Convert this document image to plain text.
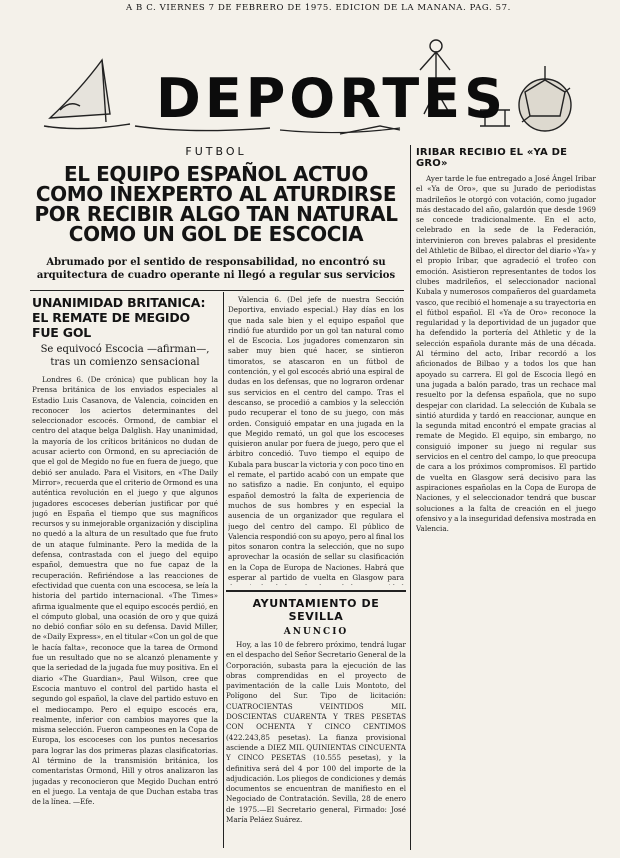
A B C. VIERNES 7 DE FEBRERO DE 1975. EDICION DE LA MAÑANA. PAG. 57.
DEPORTES
FUTBOL
EL EQUIPO ESPAÑOL ACTUO COMO INEXPERTO AL ATURDIRSE POR RECIBIR ALGO TAN NATURAL COMO UN GOL DE ESCOCIA
Abrumado por el sentido de responsabilidad, no encontró su arquitectura de cuadro operante ni llegó a regular sus servicios
UNANIMIDAD BRITANICA: EL REMATE DE MEGIDO FUE GOL
Se equivocó Escocia —afirman—, tras un comienzo sensacional
Londres 6. (De crónica) que publican hoy la Prensa británica de los enviados especiales al Estadio Luis Casanova, de Valencia, coinciden en reconocer los aciertos determinantes del seleccionador escocés. Ormond, de cambiar el centro del ataque belga Dalglish. Hay unanimidad, la mayoría de los críticos británicos no dudan de acusar acierto con Ormond, en su apreciación de que el gol de Megido no fue en fuera de juego, que debió ser anulado. Para el Visitors, en «The Daily Mirror», recuerda que el criterio de Ormond es una auténtica revolución en el juego y que algunos jugadores escoceses deberían justificar por qué jugó en España el tiempo que sus magníficos recursos y su inmejorable organización y disciplina no quedó a la altura de un resultado que fue fruto de un ataque fulminante. Pero la medida de la defensa, contrastada con el juego del equipo español, demuestra que no fue capaz de la recuperación. Refiriéndose a las reacciones de efectividad que cuenta con una escocesa, se leía la historia del partido internacional. «The Times» afirma igualmente que el equipo escocés perdió, en el cómputo global, una ocasión de oro y que quizá no debió confiar sólo en su defensa. David Miller, de «Daily Express», en el titular «Con un gol de que le hacía falta», reconoce que la tarea de Ormond fue un resultado que no se alcanzó plenamente y que la seriedad de la jugada fue muy positiva. En el diario «The Guardian», Paul Wilson, cree que Escocia mantuvo el control del partido hasta el segundo gol español, la clave del partido estuvo en el mediocampo. Pero el equipo escocés era, realmente, inferior con cambios mayores que la misma selección. Fueron campeones en la Copa de Europa, los escoceses con los puntos necesarios para lograr las dos primeras plazas clasificatorias. Al término de la transmisión británica, los comentaristas Ormond, Hill y otros analizaron las jugadas y reconocieron que Megido Duchan entró en el juego. La ventaja de que Duchan estaba tras de la línea. —Efe.
Valencia 6. (Del jefe de nuestra Sección Deportiva, enviado especial.) Hay días en los que nada sale bien y el equipo español que rindió fue aturdido por un gol tan natural como el de Escocia. Los jugadores comenzaron sin saber muy bien qué hacer, se sintieron timoratos, se atascaron en un fútbol de contención, y el gol escocés abrió una espiral de dudas en los defensas, que no lograron ordenar sus servicios en el centro del campo. Tras el descanso, se procedió a cambios y la selección pudo recuperar el tono de su juego, con más orden. Consiguió empatar en una jugada en la que Megido remató, un gol que los escoceses quisieron anular por fuera de juego, pero que el árbitro concedió. Tuvo tiempo el equipo de Kubala para buscar la victoria y con poco tino en el remate, el partido acabó con un empate que no satisfizo a nadie. En conjunto, el equipo español demostró la falta de experiencia de muchos de sus hombres y en especial la ausencia de un organizador que regulara el juego del centro del campo. El público de Valencia respondió con su apoyo, pero al final los pitos sonaron contra la selección, que no supo aprovechar la ocasión de sellar su clasificación en la Copa de Europa de Naciones. Habrá que esperar al partido de vuelta en Glasgow para
AYUNTAMIENTO DE SEVILLA
ANUNCIO
Hoy, a las 10 de febrero próximo, tendrá lugar en el despacho del Señor Secretario General de la Corporación, subasta para la ejecución de las obras comprendidas en el proyecto de pavimentación de la calle Luis Montoto, del Polígono del Sur. Tipo de licitación: CUATROCIENTAS VEINTIDOS MIL DOSCIENTAS CUARENTA Y TRES PESETAS CON OCHENTA Y CINCO CENTIMOS (422.243,85 pesetas). La fianza provisional asciende a DIEZ MIL QUINIENTAS CINCUENTA Y CINCO PESETAS (10.555 pesetas), y la definitiva será del 4 por 100 del importe de la adjudicación. Los pliegos de condiciones y demás documentos se encuentran de manifiesto en el Negociado de Contratación. Sevilla, 28 de enero de 1975.—El Secretario general, Firmado: José María Peláez Suárez.
IRIBAR RECIBIO EL «YA DE GRO»
Ayer tarde le fue entregado a José Ángel Iribar el «Ya de Oro», que su Jurado de periodistas madrileños le otorgó con votación, como jugador más destacado del año, galardón que desde 1969 se concede tradicionalmente. En el acto, celebrado en la sede de la Federación, intervinieron con breves palabras el presidente del Athletic de Bilbao, el director del diario «Ya» y el propio Iribar, que agradeció el trofeo con emoción. Asistieron representantes de todos los clubes madrileños, el seleccionador nacional Kubala y numerosos compañeros del guardameta vasco, que recibió el homenaje a su trayectoria en el fútbol español. El «Ya de Oro» reconoce la regularidad y la deportividad de un jugador que ha defendido la portería del Athletic y de la selección española durante más de una década. Al término del acto, Iribar recordó a los aficionados de Bilbao y a todos los que han apoyado su carrera. El gol de Escocia llegó en una jugada a balón parado, tras un rechace mal resuelto por la defensa española, que no supo despejar con claridad. La selección de Kubala se sintió aturdida y tardó en reaccionar, aunque en la segunda mitad encontró el empate gracias al remate de Megido. El equipo, sin embargo, no consiguió imponer su juego ni regular sus servicios en el centro del campo, lo que preocupa de cara a los próximos compromisos. El partido de vuelta en Glasgow será decisivo para las aspiraciones españolas en la Copa de Europa de Naciones, y el seleccionador tendrá que buscar soluciones a la falta de creación en el juego ofensivo y a la inseguridad defensiva mostrada en Valencia.
